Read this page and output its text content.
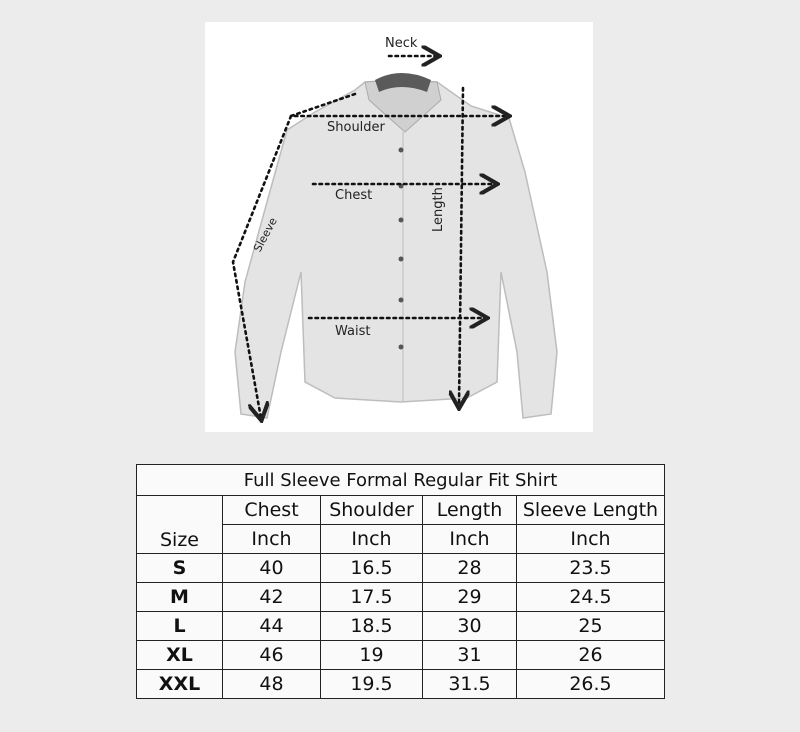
Neck
Shoulder
Chest
Waist
Length
Sleeve
Full Sleeve Formal Regular Fit Shirt				
Size	Chest	Shoulder	Length	Sleeve Length
	Inch	Inch	Inch	Inch
S	40	16.5	28	23.5
M	42	17.5	29	24.5
L	44	18.5	30	25
XL	46	19	31	26
XXL	48	19.5	31.5	26.5
